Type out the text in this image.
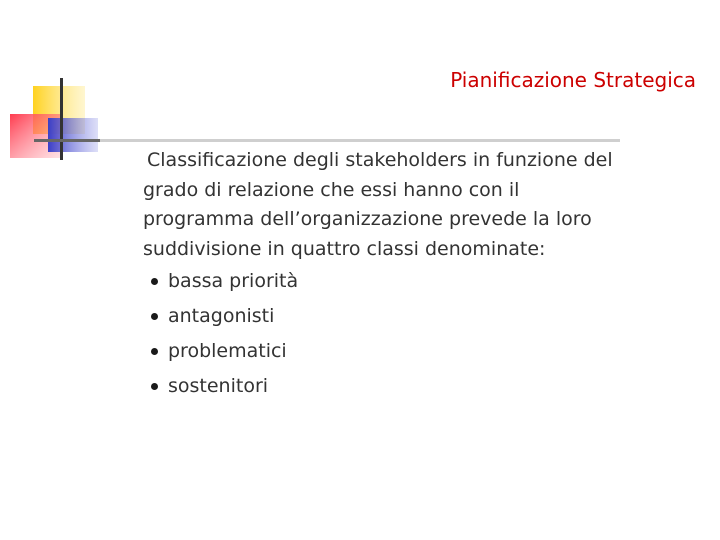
Pianificazione Strategica

Classificazione degli stakeholders in funzione del
grado di relazione che essi hanno con il
programma dell’organizzazione prevede la loro
suddivisione in quattro classi denominate:

bassa priorità
antagonisti
problematici
sostenitori
